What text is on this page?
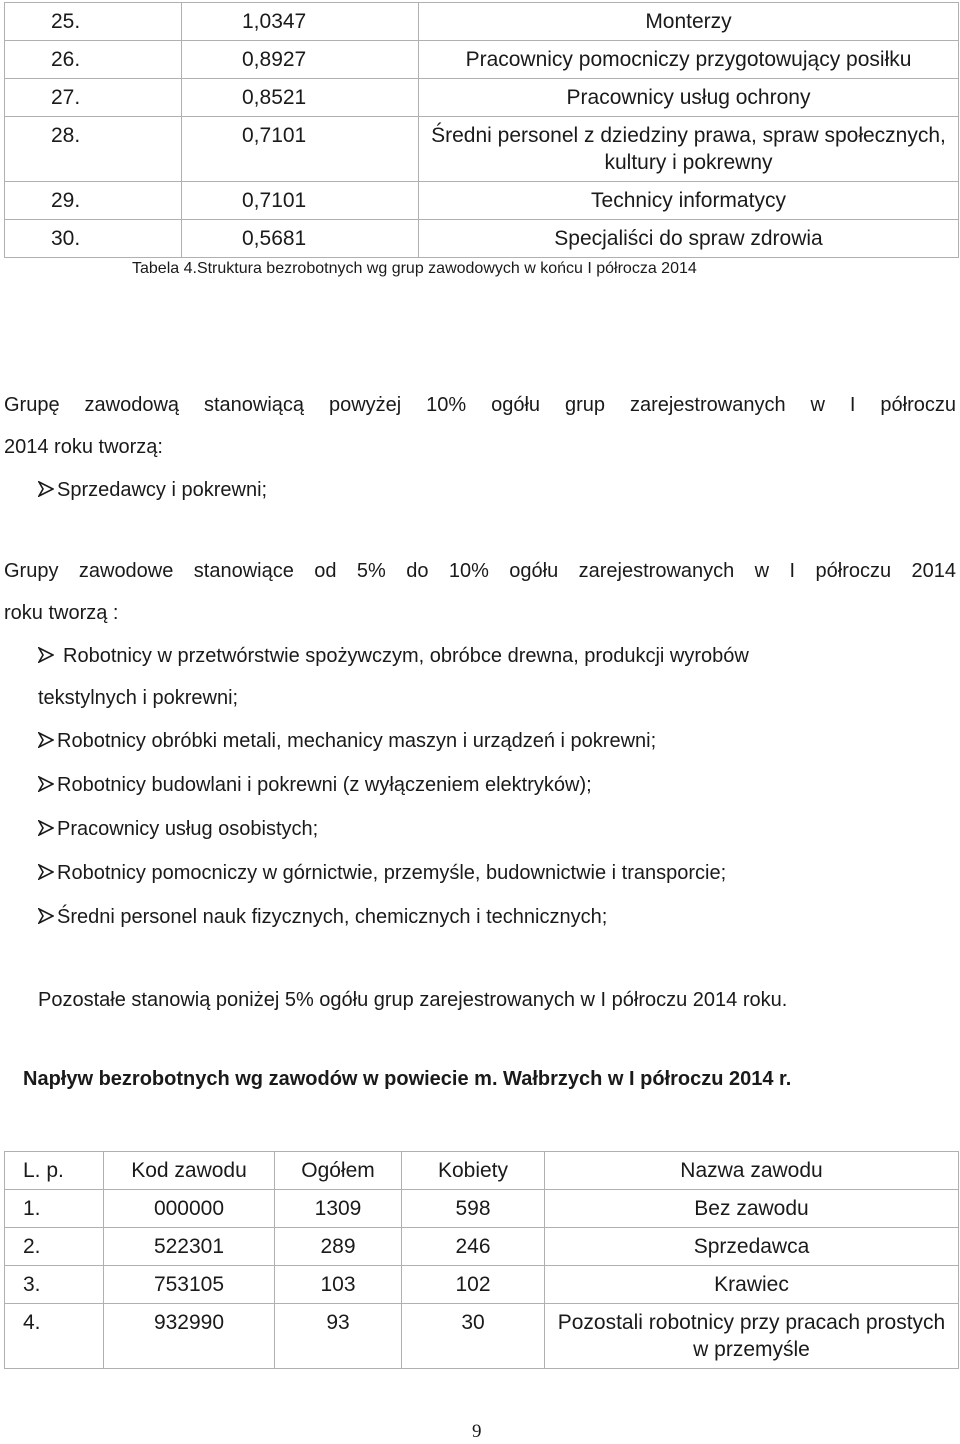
25.	1,0347	Monterzy
26.	0,8927	Pracownicy pomocniczy przygotowujący posiłku
27.	0,8521	Pracownicy usług ochrony
28.	0,7101	Średni personel z dziedziny prawa, spraw społecznych, kultury i pokrewny
29.	0,7101	Technicy informatycy
30.	0,5681	Specjaliści do spraw zdrowia
Tabela 4.Struktura bezrobotnych wg grup zawodowych w końcu I półrocza 2014
Grupę zawodową stanowiącą powyżej 10% ogółu grup zarejestrowanych w I półroczu
2014 roku tworzą:
Sprzedawcy i pokrewni;
Grupy zawodowe stanowiące od 5% do 10% ogółu zarejestrowanych w I półroczu 2014
roku tworzą :
Robotnicy w przetwórstwie spożywczym, obróbce drewna, produkcji wyrobów
tekstylnych i pokrewni;
Robotnicy obróbki metali, mechanicy maszyn i urządzeń i pokrewni;
Robotnicy budowlani i pokrewni (z wyłączeniem elektryków);
Pracownicy usług osobistych;
Robotnicy pomocniczy w górnictwie, przemyśle, budownictwie i transporcie;
Średni personel nauk fizycznych, chemicznych i technicznych;
Pozostałe stanowią poniżej 5% ogółu grup zarejestrowanych w I półroczu 2014 roku.
Napływ bezrobotnych wg zawodów w powiecie m. Wałbrzych w I półroczu 2014 r.
L. p.	Kod zawodu	Ogółem	Kobiety	Nazwa zawodu
1.	000000	1309	598	Bez zawodu
2.	522301	289	246	Sprzedawca
3.	753105	103	102	Krawiec
4.	932990	93	30	Pozostali robotnicy przy pracach prostych w przemyśle
9
